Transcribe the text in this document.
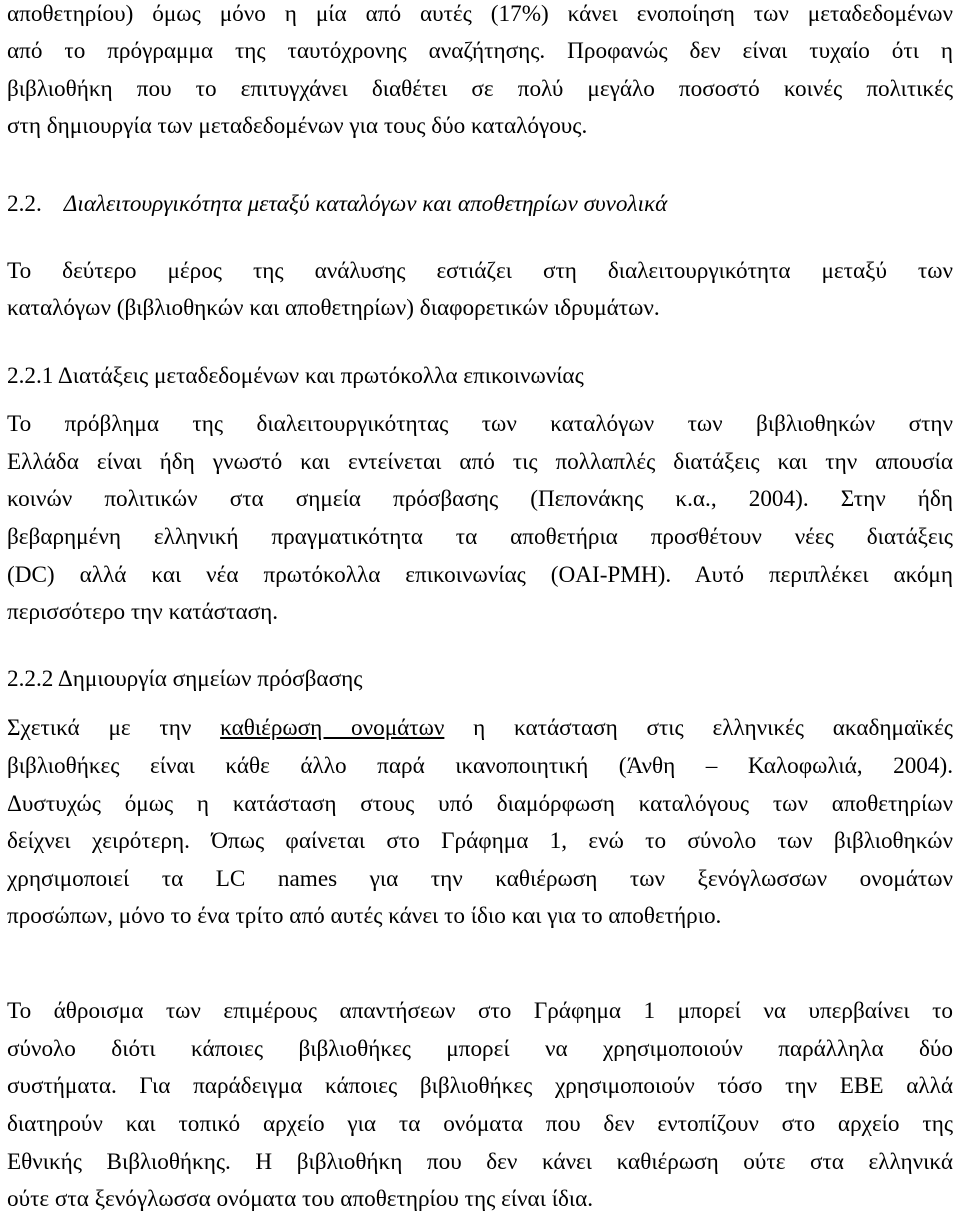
αποθετηρίου) όμως μόνο η μία από αυτές (17%) κάνει ενοποίηση των μεταδεδομένων
από το πρόγραμμα της ταυτόχρονης αναζήτησης. Προφανώς δεν είναι τυχαίο ότι η
βιβλιοθήκη που το επιτυγχάνει διαθέτει σε πολύ μεγάλο ποσοστό κοινές πολιτικές
στη δημιουργία των μεταδεδομένων για τους δύο καταλόγους.
2.2. Διαλειτουργικότητα μεταξύ καταλόγων και αποθετηρίων συνολικά
Το δεύτερο μέρος της ανάλυσης εστιάζει στη διαλειτουργικότητα μεταξύ των
καταλόγων (βιβλιοθηκών και αποθετηρίων) διαφορετικών ιδρυμάτων.
2.2.1 Διατάξεις μεταδεδομένων και πρωτόκολλα επικοινωνίας
Το πρόβλημα της διαλειτουργικότητας των καταλόγων των βιβλιοθηκών στην
Ελλάδα είναι ήδη γνωστό και εντείνεται από τις πολλαπλές διατάξεις και την απουσία
κοινών πολιτικών στα σημεία πρόσβασης (Πεπονάκης κ.α., 2004). Στην ήδη
βεβαρημένη ελληνική πραγματικότητα τα αποθετήρια προσθέτουν νέες διατάξεις
(DC) αλλά και νέα πρωτόκολλα επικοινωνίας (OAI-PMH). Αυτό περιπλέκει ακόμη
περισσότερο την κατάσταση.
2.2.2 Δημιουργία σημείων πρόσβασης
Σχετικά με την καθιέρωση ονομάτων η κατάσταση στις ελληνικές ακαδημαϊκές
βιβλιοθήκες είναι κάθε άλλο παρά ικανοποιητική (Άνθη – Καλοφωλιά, 2004).
Δυστυχώς όμως η κατάσταση στους υπό διαμόρφωση καταλόγους των αποθετηρίων
δείχνει χειρότερη. Όπως φαίνεται στο Γράφημα 1, ενώ το σύνολο των βιβλιοθηκών
χρησιμοποιεί τα LC names για την καθιέρωση των ξενόγλωσσων ονομάτων
προσώπων, μόνο το ένα τρίτο από αυτές κάνει το ίδιο και για το αποθετήριο.
Το άθροισμα των επιμέρους απαντήσεων στο Γράφημα 1 μπορεί να υπερβαίνει το
σύνολο διότι κάποιες βιβλιοθήκες μπορεί να χρησιμοποιούν παράλληλα δύο
συστήματα. Για παράδειγμα κάποιες βιβλιοθήκες χρησιμοποιούν τόσο την ΕΒΕ αλλά
διατηρούν και τοπικό αρχείο για τα ονόματα που δεν εντοπίζουν στο αρχείο της
Εθνικής Βιβλιοθήκης. Η βιβλιοθήκη που δεν κάνει καθιέρωση ούτε στα ελληνικά
ούτε στα ξενόγλωσσα ονόματα του αποθετηρίου της είναι ίδια.
